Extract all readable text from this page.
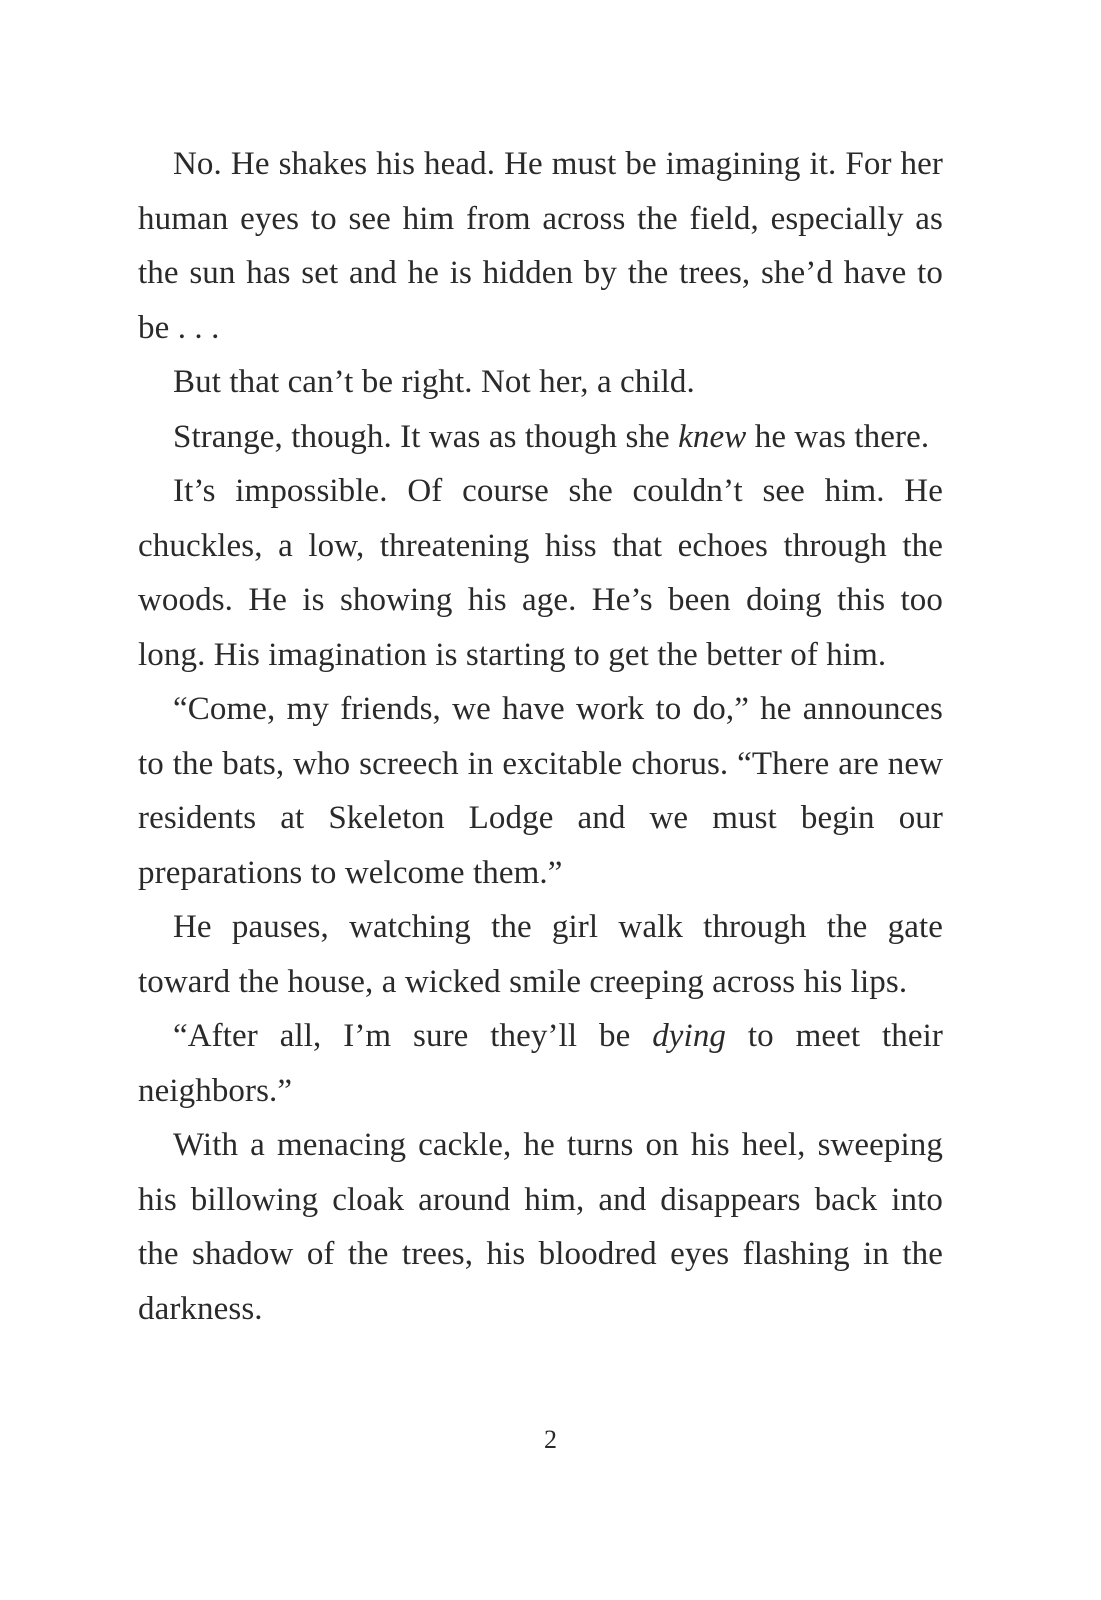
No. He shakes his head. He must be imagining it. For her human eyes to see him from across the field, especially as the sun has set and he is hidden by the trees, she’d have to be . . .

But that can’t be right. Not her, a child.

Strange, though. It was as though she knew he was there.

It’s impossible. Of course she couldn’t see him. He chuckles, a low, threatening hiss that echoes through the woods. He is showing his age. He’s been doing this too long. His imagination is starting to get the better of him.

“Come, my friends, we have work to do,” he announces to the bats, who screech in excitable chorus. “There are new residents at Skeleton Lodge and we must begin our preparations to welcome them.”

He pauses, watching the girl walk through the gate toward the house, a wicked smile creeping across his lips.

“After all, I’m sure they’ll be dying to meet their neighbors.”

With a menacing cackle, he turns on his heel, sweeping his billowing cloak around him, and disappears back into the shadow of the trees, his bloodred eyes flashing in the darkness.

2
